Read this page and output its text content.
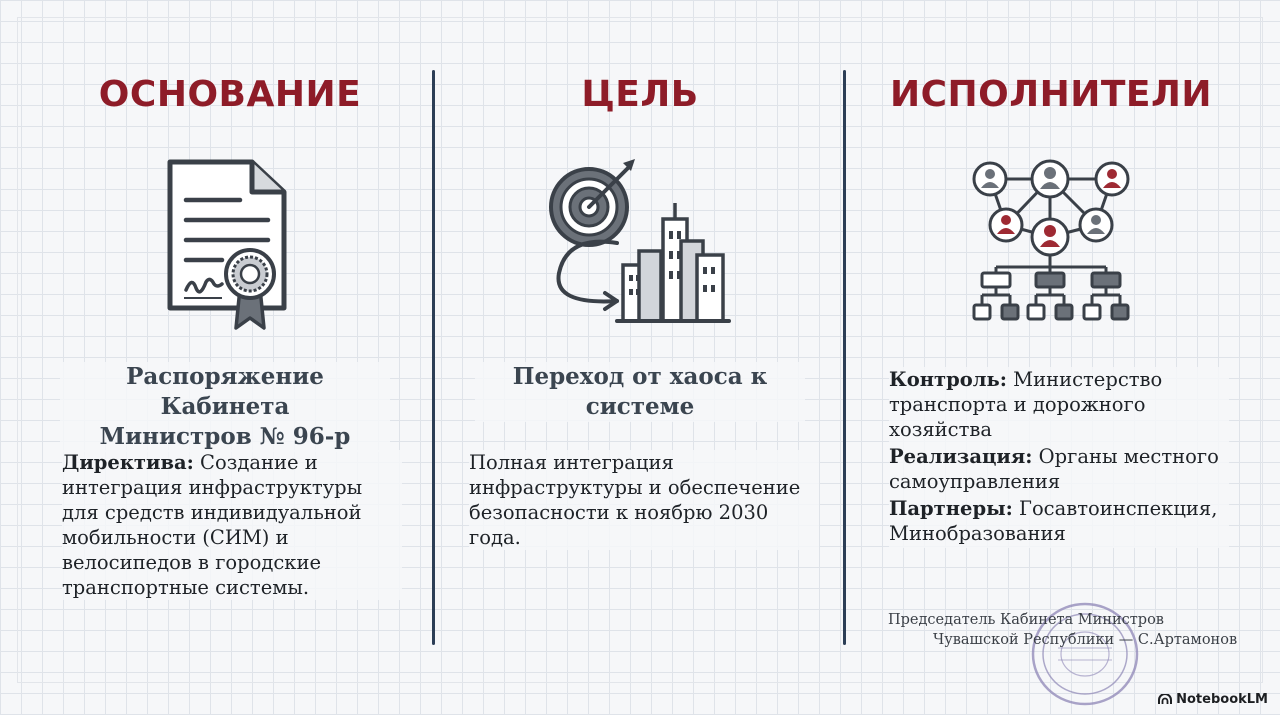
ОСНОВАНИЕ
Распоряжение Кабинета
Министров № 96-р
Директива: Создание и интеграция инфраструктуры для средств индивидуальной мобильности (СИМ) и велосипедов в городские транспортные системы.
ЦЕЛЬ
Переход от хаоса к
системе
Полная интеграция инфраструктуры и обеспечение безопасности к ноябрю 2030 года.
ИСПОЛНИТЕЛИ
Контроль: Министерство транспорта и дорожного хозяйства
Реализация: Органы местного самоуправления
Партнеры: Госавтоинспекция, Минобразования
Председатель Кабинета Министров
Чувашской Республики — С.Артамонов
NotebookLM
